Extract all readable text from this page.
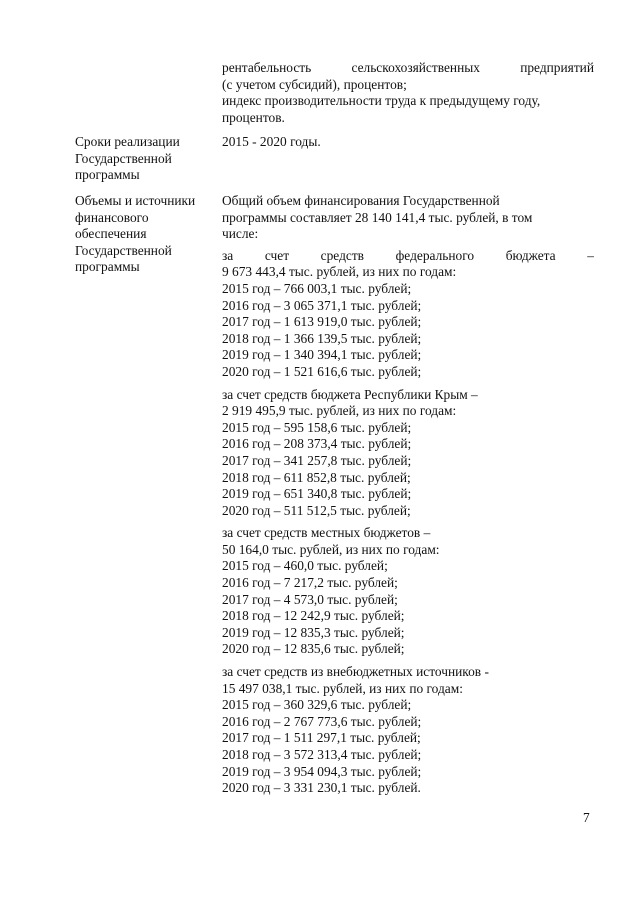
рентабельность	сельскохозяйственных	предприятий
(с учетом субсидий), процентов;
индекс производительности труда к предыдущему году,
процентов.
Сроки реализации
Государственной
программы
2015 - 2020 годы.
Объемы и источники
финансового
обеспечения
Государственной
программы
Общий объем финансирования Государственной
программы составляет 28 140 141,4 тыс. рублей, в том
числе:
за счет средств федерального бюджета –
9 673 443,4 тыс. рублей, из них по годам:
2015 год – 766 003,1 тыс. рублей;
2016 год – 3 065 371,1 тыс. рублей;
2017 год – 1 613 919,0 тыс. рублей;
2018 год – 1 366 139,5 тыс. рублей;
2019 год – 1 340 394,1 тыс. рублей;
2020 год – 1 521 616,6 тыс. рублей;
за счет средств бюджета Республики Крым –
2 919 495,9 тыс. рублей, из них по годам:
2015 год – 595 158,6 тыс. рублей;
2016 год – 208 373,4 тыс. рублей;
2017 год – 341 257,8 тыс. рублей;
2018 год – 611 852,8 тыс. рублей;
2019 год – 651 340,8 тыс. рублей;
2020 год – 511 512,5 тыс. рублей;
за счет средств местных бюджетов –
50 164,0 тыс. рублей, из них по годам:
2015 год – 460,0 тыс. рублей;
2016 год – 7 217,2 тыс. рублей;
2017 год – 4 573,0 тыс. рублей;
2018 год – 12 242,9 тыс. рублей;
2019 год – 12 835,3 тыс. рублей;
2020 год – 12 835,6 тыс. рублей;
за счет средств из внебюджетных источников -
15 497 038,1 тыс. рублей, из них по годам:
2015 год – 360 329,6 тыс. рублей;
2016 год – 2 767 773,6 тыс. рублей;
2017 год – 1 511 297,1 тыс. рублей;
2018 год – 3 572 313,4 тыс. рублей;
2019 год – 3 954 094,3 тыс. рублей;
2020 год – 3 331 230,1 тыс. рублей.
7
